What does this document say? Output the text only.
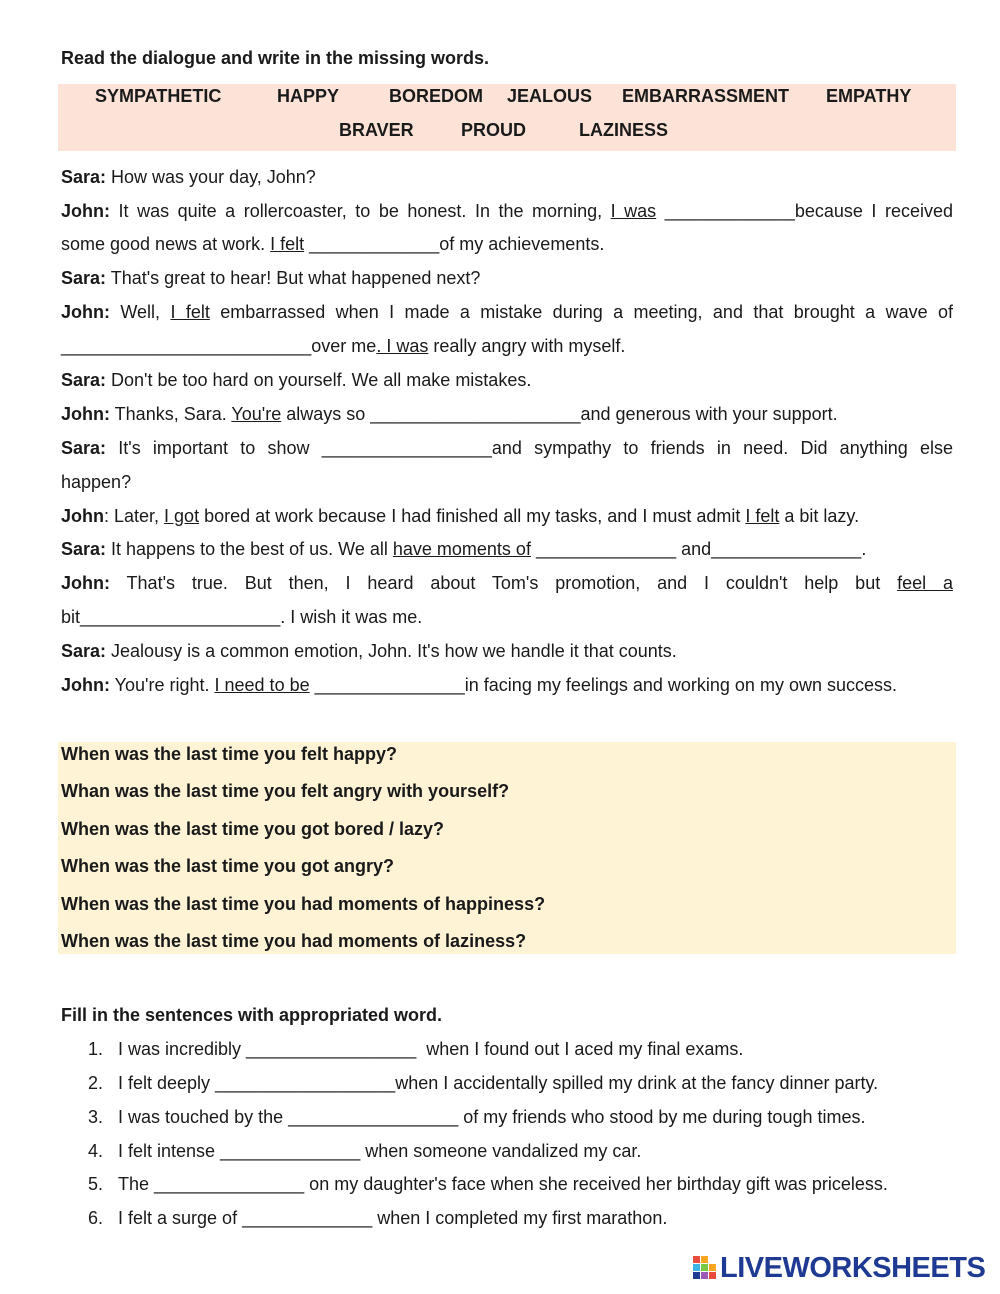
Read the dialogue and write in the missing words.
SYMPATHETIC	HAPPY	BOREDOM JEALOUS EMBARRASSMENT EMPATHY
BRAVER	PROUD	LAZINESS
Sara: How was your day, John?
John: It was quite a rollercoaster, to be honest. In the morning, I was _____________because I received
some good news at work. I felt _____________of my achievements.
Sara: That's great to hear! But what happened next?
John: Well, I felt embarrassed when I made a mistake during a meeting, and that brought a wave of
_________________________over me. I was really angry with myself.
Sara: Don't be too hard on yourself. We all make mistakes.
John: Thanks, Sara. You're always so _____________________and generous with your support.
Sara: It's important to show _________________and sympathy to friends in need. Did anything else
happen?
John: Later, I got bored at work because I had finished all my tasks, and I must admit I felt a bit lazy.
Sara: It happens to the best of us. We all have moments of ______________ and_______________.
John: That's true. But then, I heard about Tom's promotion, and I couldn't help but feel a
bit____________________. I wish it was me.
Sara: Jealousy is a common emotion, John. It's how we handle it that counts.
John: You're right. I need to be _______________in facing my feelings and working on my own success.
When was the last time you felt happy?
Whan was the last time you felt angry with yourself?
When was the last time you got bored / lazy?
When was the last time you got angry?
When was the last time you had moments of happiness?
When was the last time you had moments of laziness?
Fill in the sentences with appropriated word.
1. I was incredibly _________________  when I found out I aced my final exams.
2. I felt deeply __________________when I accidentally spilled my drink at the fancy dinner party.
3. I was touched by the _________________ of my friends who stood by me during tough times.
4. I felt intense ______________ when someone vandalized my car.
5. The _______________ on my daughter's face when she received her birthday gift was priceless.
6. I felt a surge of _____________ when I completed my first marathon.
LIVEWORKSHEETS
